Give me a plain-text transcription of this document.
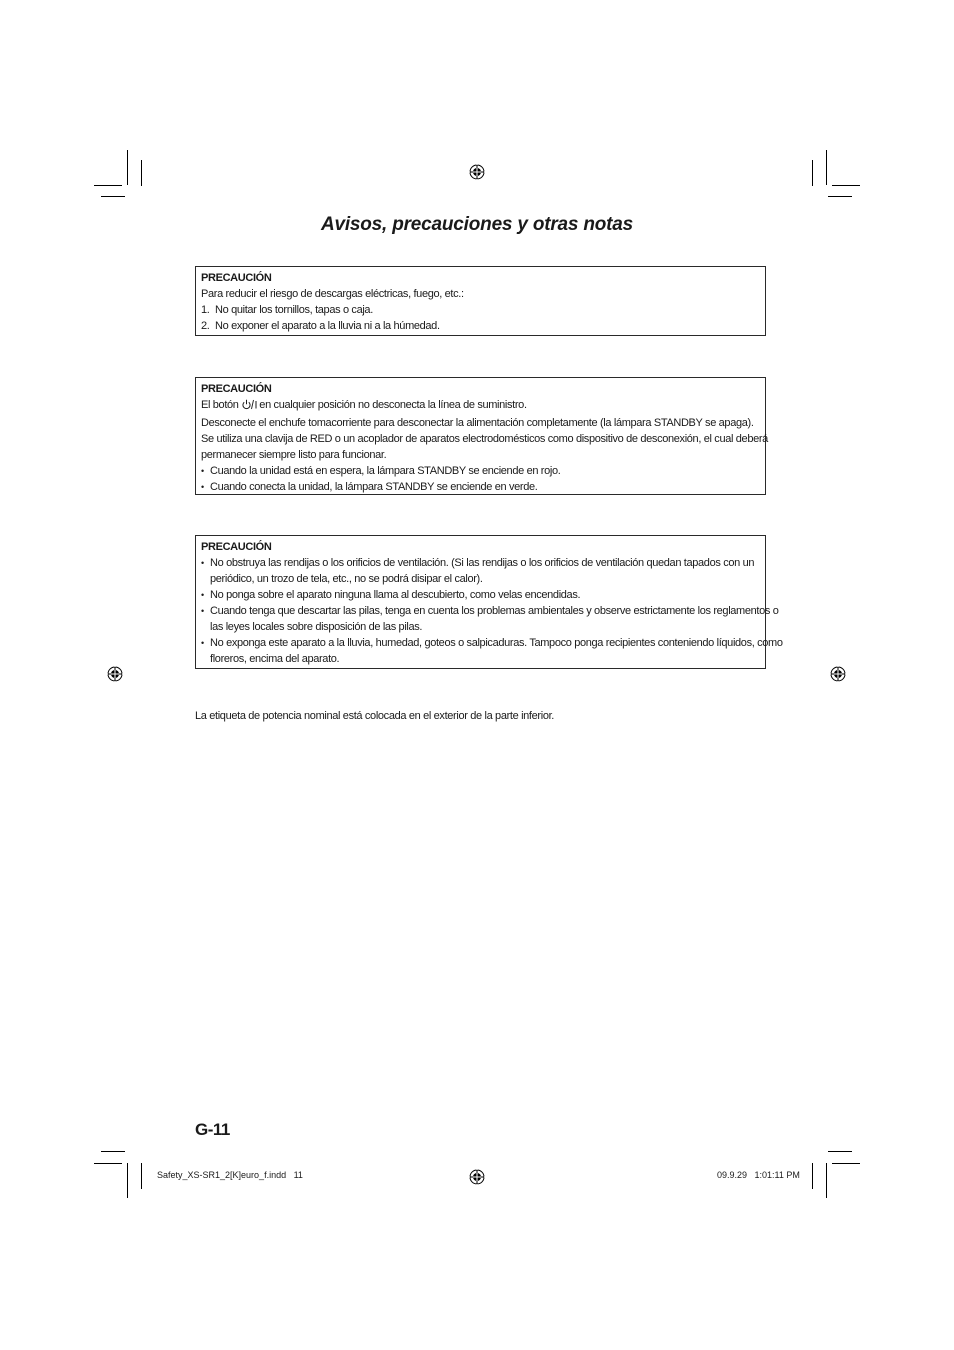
Avisos, precauciones y otras notas
PRECAUCIÓN
Para reducir el riesgo de descargas eléctricas, fuego, etc.:
1. No quitar los tornillos, tapas o caja.
2. No exponer el aparato a la lluvia ni a la húmedad.
PRECAUCIÓN
El botón en cualquier posición no desconecta la línea de suministro.
Desconecte el enchufe tomacorriente para desconectar la alimentación completamente (la lámpara STANDBY se apaga).
Se utiliza una clavija de RED o un acoplador de aparatos electrodomésticos como dispositivo de desconexión, el cual deberá
permanecer siempre listo para funcionar.
• Cuando la unidad está en espera, la lámpara STANDBY se enciende en rojo.
• Cuando conecta la unidad, la lámpara STANDBY se enciende en verde.
PRECAUCIÓN
• No obstruya las rendijas o los orificios de ventilación. (Si las rendijas o los orificios de ventilación quedan tapados con un
periódico, un trozo de tela, etc., no se podrá disipar el calor).
• No ponga sobre el aparato ninguna llama al descubierto, como velas encendidas.
• Cuando tenga que descartar las pilas, tenga en cuenta los problemas ambientales y observe estrictamente los reglamentos o
las leyes locales sobre disposición de las pilas.
• No exponga este aparato a la lluvia, humedad, goteos o salpicaduras. Tampoco ponga recipientes conteniendo líquidos, como
floreros, encima del aparato.
La etiqueta de potencia nominal está colocada en el exterior de la parte inferior.
G-11
Safety_XS-SR1_2[K]euro_f.indd   11	09.9.29   1:01:11 PM
